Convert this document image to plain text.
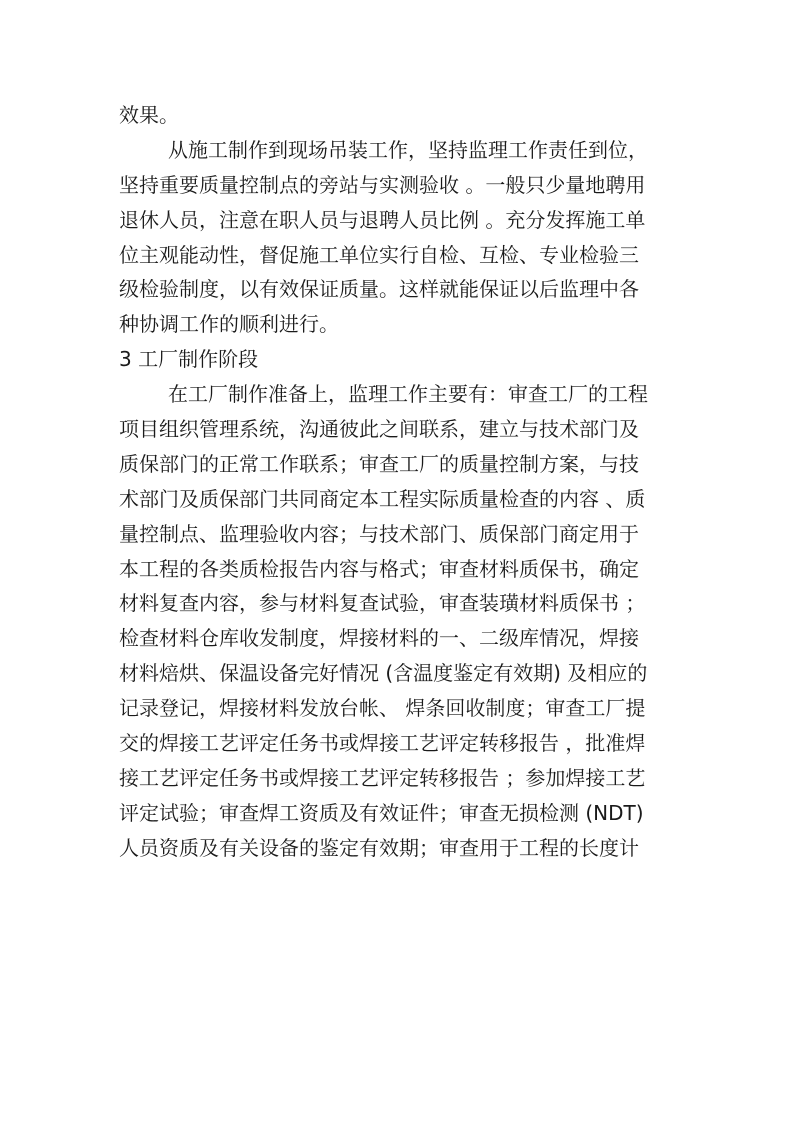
效果。
从施工制作到现场吊装工作，坚持监理工作责任到位，
坚持重要质量控制点的旁站与实测验收 。一般只少量地聘用
退休人员，注意在职人员与退聘人员比例 。充分发挥施工单
位主观能动性，督促施工单位实行自检、互检、专业检验三
级检验制度，以有效保证质量。这样就能保证以后监理中各
种协调工作的顺利进行。
3 工厂制作阶段
在工厂制作准备上，监理工作主要有：审查工厂的工程
项目组织管理系统，沟通彼此之间联系，建立与技术部门及
质保部门的正常工作联系；审查工厂的质量控制方案，与技
术部门及质保部门共同商定本工程实际质量检查的内容 、质
量控制点、监理验收内容；与技术部门、质保部门商定用于
本工程的各类质检报告内容与格式；审查材料质保书，确定
材料复查内容，参与材料复查试验，审查装璜材料质保书 ；
检查材料仓库收发制度，焊接材料的一、二级库情况，焊接
材料焙烘、保温设备完好情况 (含温度鉴定有效期) 及相应的
记录登记，焊接材料发放台帐、 焊条回收制度；审查工厂提
交的焊接工艺评定任务书或焊接工艺评定转移报告 ，批准焊
接工艺评定任务书或焊接工艺评定转移报告 ；参加焊接工艺
评定试验；审查焊工资质及有效证件；审查无损检测 (NDT)
人员资质及有关设备的鉴定有效期；审查用于工程的长度计
